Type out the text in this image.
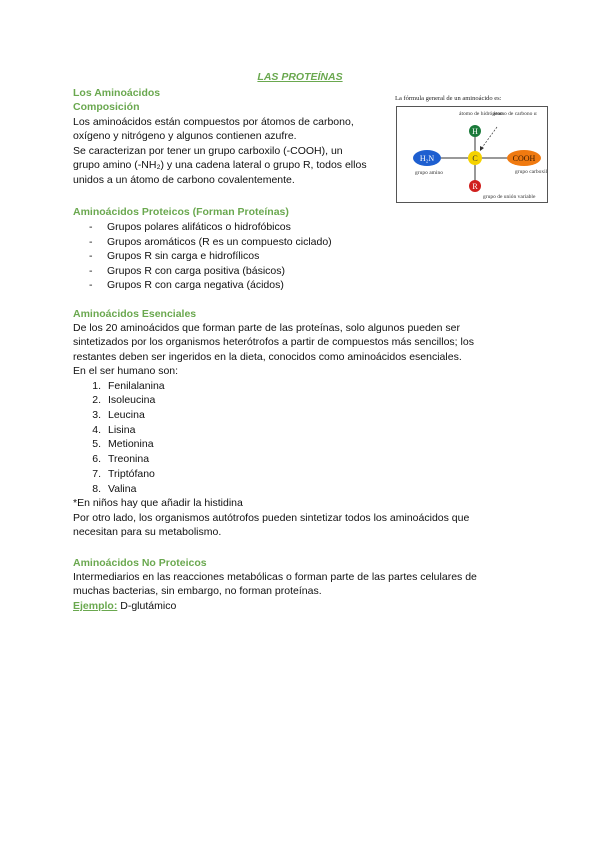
LAS PROTEÍNAS
Los Aminoácidos
Composición
Los aminoácidos están compuestos por átomos de carbono,
oxígeno y nitrógeno y algunos contienen azufre.
Se caracterizan por tener un grupo carboxilo (-COOH), un
grupo amino (-NH₂) y una cadena lateral o grupo R, todos ellos
unidos a un átomo de carbono covalentemente.
La fórmula general de un aminoácido es:
H₂N
H
C	COOH
R
átomo de hidrógeno
átomo de carbono α
grupo amino	grupo carboxilo
grupo de unión variable
Aminoácidos Proteicos (Forman Proteínas)
- Grupos polares alifáticos o hidrofóbicos
- Grupos aromáticos (R es un compuesto ciclado)
- Grupos R sin carga e hidrofílicos
- Grupos R con carga positiva (básicos)
- Grupos R con carga negativa (ácidos)
Aminoácidos Esenciales
De los 20 aminoácidos que forman parte de las proteínas, solo algunos pueden ser
sintetizados por los organismos heterótrofos a partir de compuestos más sencillos; los
restantes deben ser ingeridos en la dieta, conocidos como aminoácidos esenciales.
En el ser humano son:
1. Fenilalanina
2. Isoleucina
3. Leucina
4. Lisina
5. Metionina
6. Treonina
7. Triptófano
8. Valina
*En niños hay que añadir la histidina
Por otro lado, los organismos autótrofos pueden sintetizar todos los aminoácidos que
necesitan para su metabolismo.
Aminoácidos No Proteicos
Intermediarios en las reacciones metabólicas o forman parte de las partes celulares de
muchas bacterias, sin embargo, no forman proteínas.
Ejemplo: D-glutámico
